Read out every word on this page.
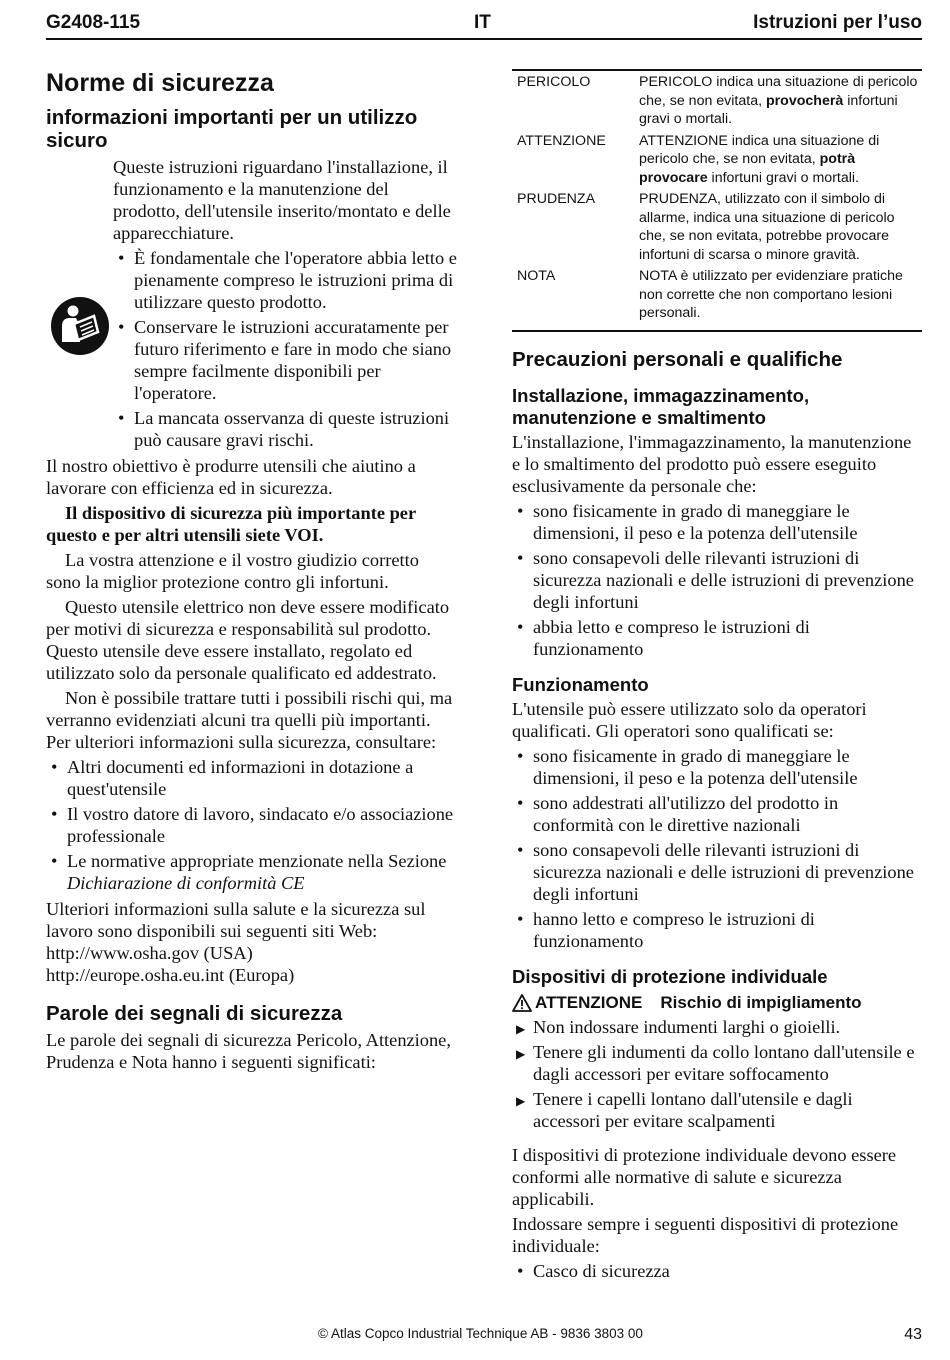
G2408-115	IT	Istruzioni per l’uso
Norme di sicurezza
informazioni importanti per un utilizzo sicuro

Queste istruzioni riguardano l'installazione, il funzionamento e la manutenzione del prodotto, dell'utensile inserito/montato e delle apparecchiature.

• È fondamentale che l'operatore abbia letto e pienamente compreso le istruzioni prima di utilizzare questo prodotto.
• Conservare le istruzioni accuratamente per futuro riferimento e fare in modo che siano sempre facilmente disponibili per l'operatore.
• La mancata osservanza di queste istruzioni può causare gravi rischi.

Il nostro obiettivo è produrre utensili che aiutino a lavorare con efficienza ed in sicurezza.

Il dispositivo di sicurezza più importante per questo e per altri utensili siete VOI.

La vostra attenzione e il vostro giudizio corretto sono la miglior protezione contro gli infortuni.

Questo utensile elettrico non deve essere modificato per motivi di sicurezza e responsabilità sul prodotto. Questo utensile deve essere installato, regolato ed utilizzato solo da personale qualificato ed addestrato.

Non è possibile trattare tutti i possibili rischi qui, ma verranno evidenziati alcuni tra quelli più importanti. Per ulteriori informazioni sulla sicurezza, consultare:

• Altri documenti ed informazioni in dotazione a quest'utensile
• Il vostro datore di lavoro, sindacato e/o associazione professionale
• Le normative appropriate menzionate nella Sezione Dichiarazione di conformità CE

Ulteriori informazioni sulla salute e la sicurezza sul lavoro sono disponibili sui seguenti siti Web:

http://www.osha.gov (USA)

http://europe.osha.eu.int (Europa)

Parole dei segnali di sicurezza

Le parole dei segnali di sicurezza Pericolo, Attenzione, Prudenza e Nota hanno i seguenti significati:

PERICOLO	PERICOLO indica una situazione di pericolo che, se non evitata, provocherà infortuni gravi o mortali.
ATTENZIONE	ATTENZIONE indica una situazione di pericolo che, se non evitata, potrà provocare infortuni gravi o mortali.
PRUDENZA	PRUDENZA, utilizzato con il simbolo di allarme, indica una situazione di pericolo che, se non evitata, potrebbe provocare infortuni di scarsa o minore gravità.
NOTA	NOTA è utilizzato per evidenziare pratiche non corrette che non comportano lesioni personali.
Precauzioni personali e qualifiche
Installazione, immagazzinamento, manutenzione e smaltimento

L'installazione, l'immagazzinamento, la manutenzione e lo smaltimento del prodotto può essere eseguito esclusivamente da personale che:

• sono fisicamente in grado di maneggiare le dimensioni, il peso e la potenza dell'utensile
• sono consapevoli delle rilevanti istruzioni di sicurezza nazionali e delle istruzioni di prevenzione degli infortuni
• abbia letto e compreso le istruzioni di funzionamento
Funzionamento

L'utensile può essere utilizzato solo da operatori qualificati. Gli operatori sono qualificati se:

• sono fisicamente in grado di maneggiare le dimensioni, il peso e la potenza dell'utensile
• sono addestrati all'utilizzo del prodotto in conformità con le direttive nazionali
• sono consapevoli delle rilevanti istruzioni di sicurezza nazionali e delle istruzioni di prevenzione degli infortuni
• hanno letto e compreso le istruzioni di funzionamento
Dispositivi di protezione individuale
ATTENZIONE Rischio di impigliamento
▶ Non indossare indumenti larghi o gioielli.
▶ Tenere gli indumenti da collo lontano dall'utensile e dagli accessori per evitare soffocamento
▶ Tenere i capelli lontano dall'utensile e dagli accessori per evitare scalpamenti

I dispositivi di protezione individuale devono essere conformi alle normative di salute e sicurezza applicabili.

Indossare sempre i seguenti dispositivi di protezione individuale:

• Casco di sicurezza
© Atlas Copco Industrial Technique AB - 9836 3803 00	43
